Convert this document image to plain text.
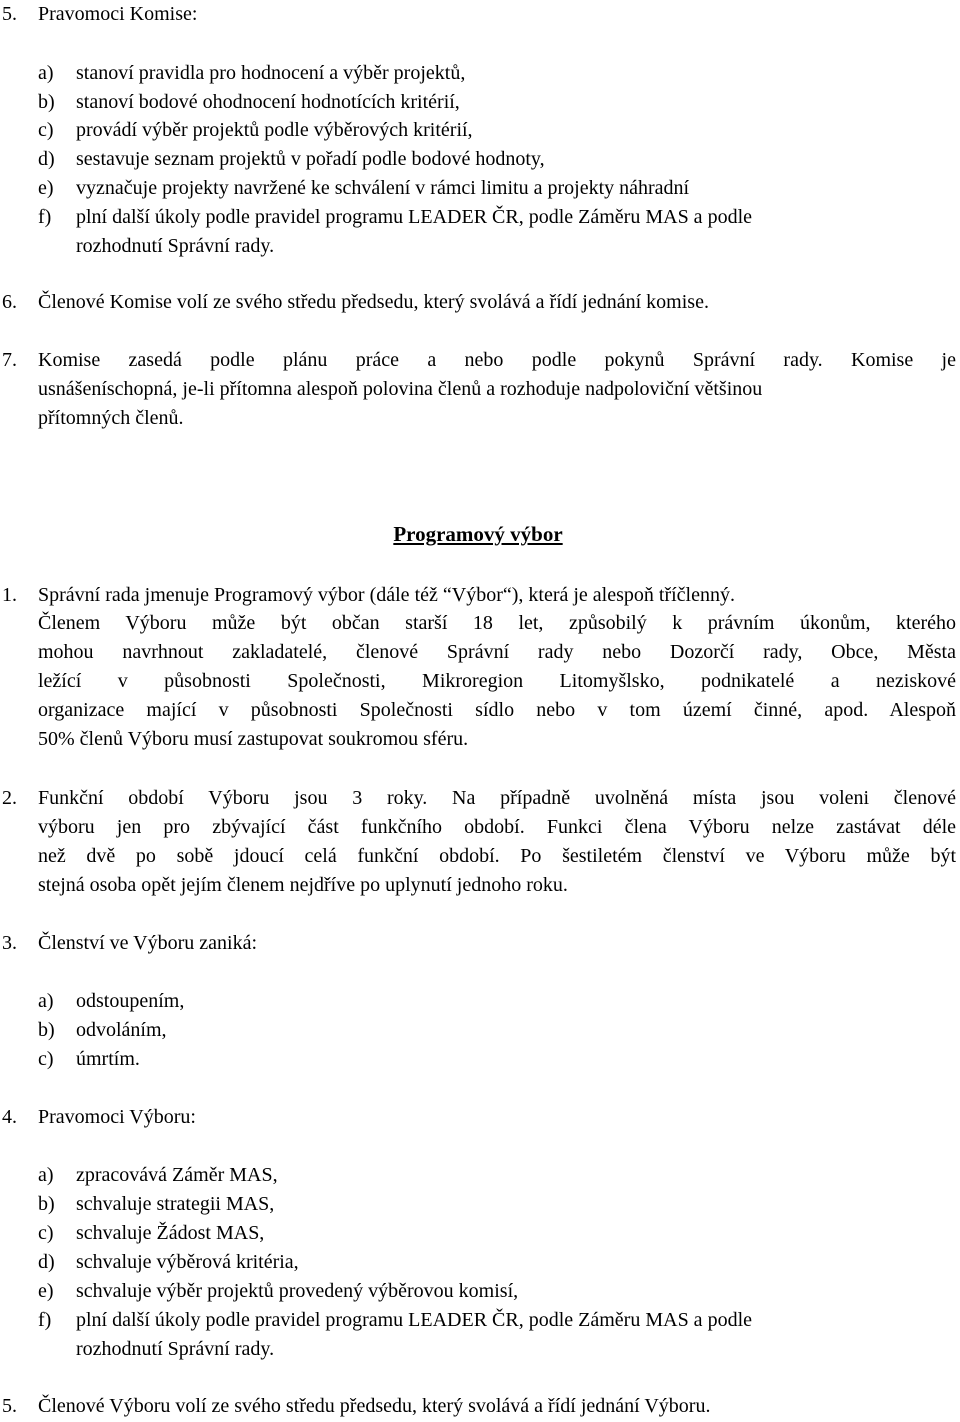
5. Pravomoci Komise:
a) stanoví pravidla pro hodnocení a výběr projektů,
b) stanoví bodové ohodnocení hodnotících kritérií,
c) provádí výběr projektů podle výběrových kritérií,
d) sestavuje seznam projektů v pořadí podle bodové hodnoty,
e) vyznačuje projekty navržené ke schválení v rámci limitu a projekty náhradní
f) plní další úkoly podle pravidel programu LEADER ČR, podle Záměru MAS a podle
rozhodnutí Správní rady.
6. Členové Komise volí ze svého středu předsedu, který svolává a řídí jednání komise.
7. Komise zasedá podle plánu práce a nebo podle pokynů Správní rady. Komise je
usnášeníschopná, je-li přítomna alespoň polovina členů a rozhoduje nadpoloviční většinou
přítomných členů.
Programový výbor
1. Správní rada jmenuje Programový výbor (dále též “Výbor“), která je alespoň tříčlenný.
Členem Výboru může být občan starší 18 let, způsobilý k právním úkonům, kterého
mohou navrhnout zakladatelé, členové Správní rady nebo Dozorčí rady, Obce, Města
ležící v působnosti Společnosti, Mikroregion Litomyšlsko, podnikatelé a neziskové
organizace mající v působnosti Společnosti sídlo nebo v tom území činné, apod. Alespoň
50% členů Výboru musí zastupovat soukromou sféru.
2. Funkční období Výboru jsou 3 roky. Na případně uvolněná místa jsou voleni členové
výboru jen pro zbývající část funkčního období. Funkci člena Výboru nelze zastávat déle
než dvě po sobě jdoucí celá funkční období. Po šestiletém členství ve Výboru může být
stejná osoba opět jejím členem nejdříve po uplynutí jednoho roku.
3. Členství ve Výboru zaniká:
a) odstoupením,
b) odvoláním,
c) úmrtím.
4. Pravomoci Výboru:
a) zpracovává Záměr MAS,
b) schvaluje strategii MAS,
c) schvaluje Žádost MAS,
d) schvaluje výběrová kritéria,
e) schvaluje výběr projektů provedený výběrovou komisí,
f) plní další úkoly podle pravidel programu LEADER ČR, podle Záměru MAS a podle
rozhodnutí Správní rady.
5. Členové Výboru volí ze svého středu předsedu, který svolává a řídí jednání Výboru.
